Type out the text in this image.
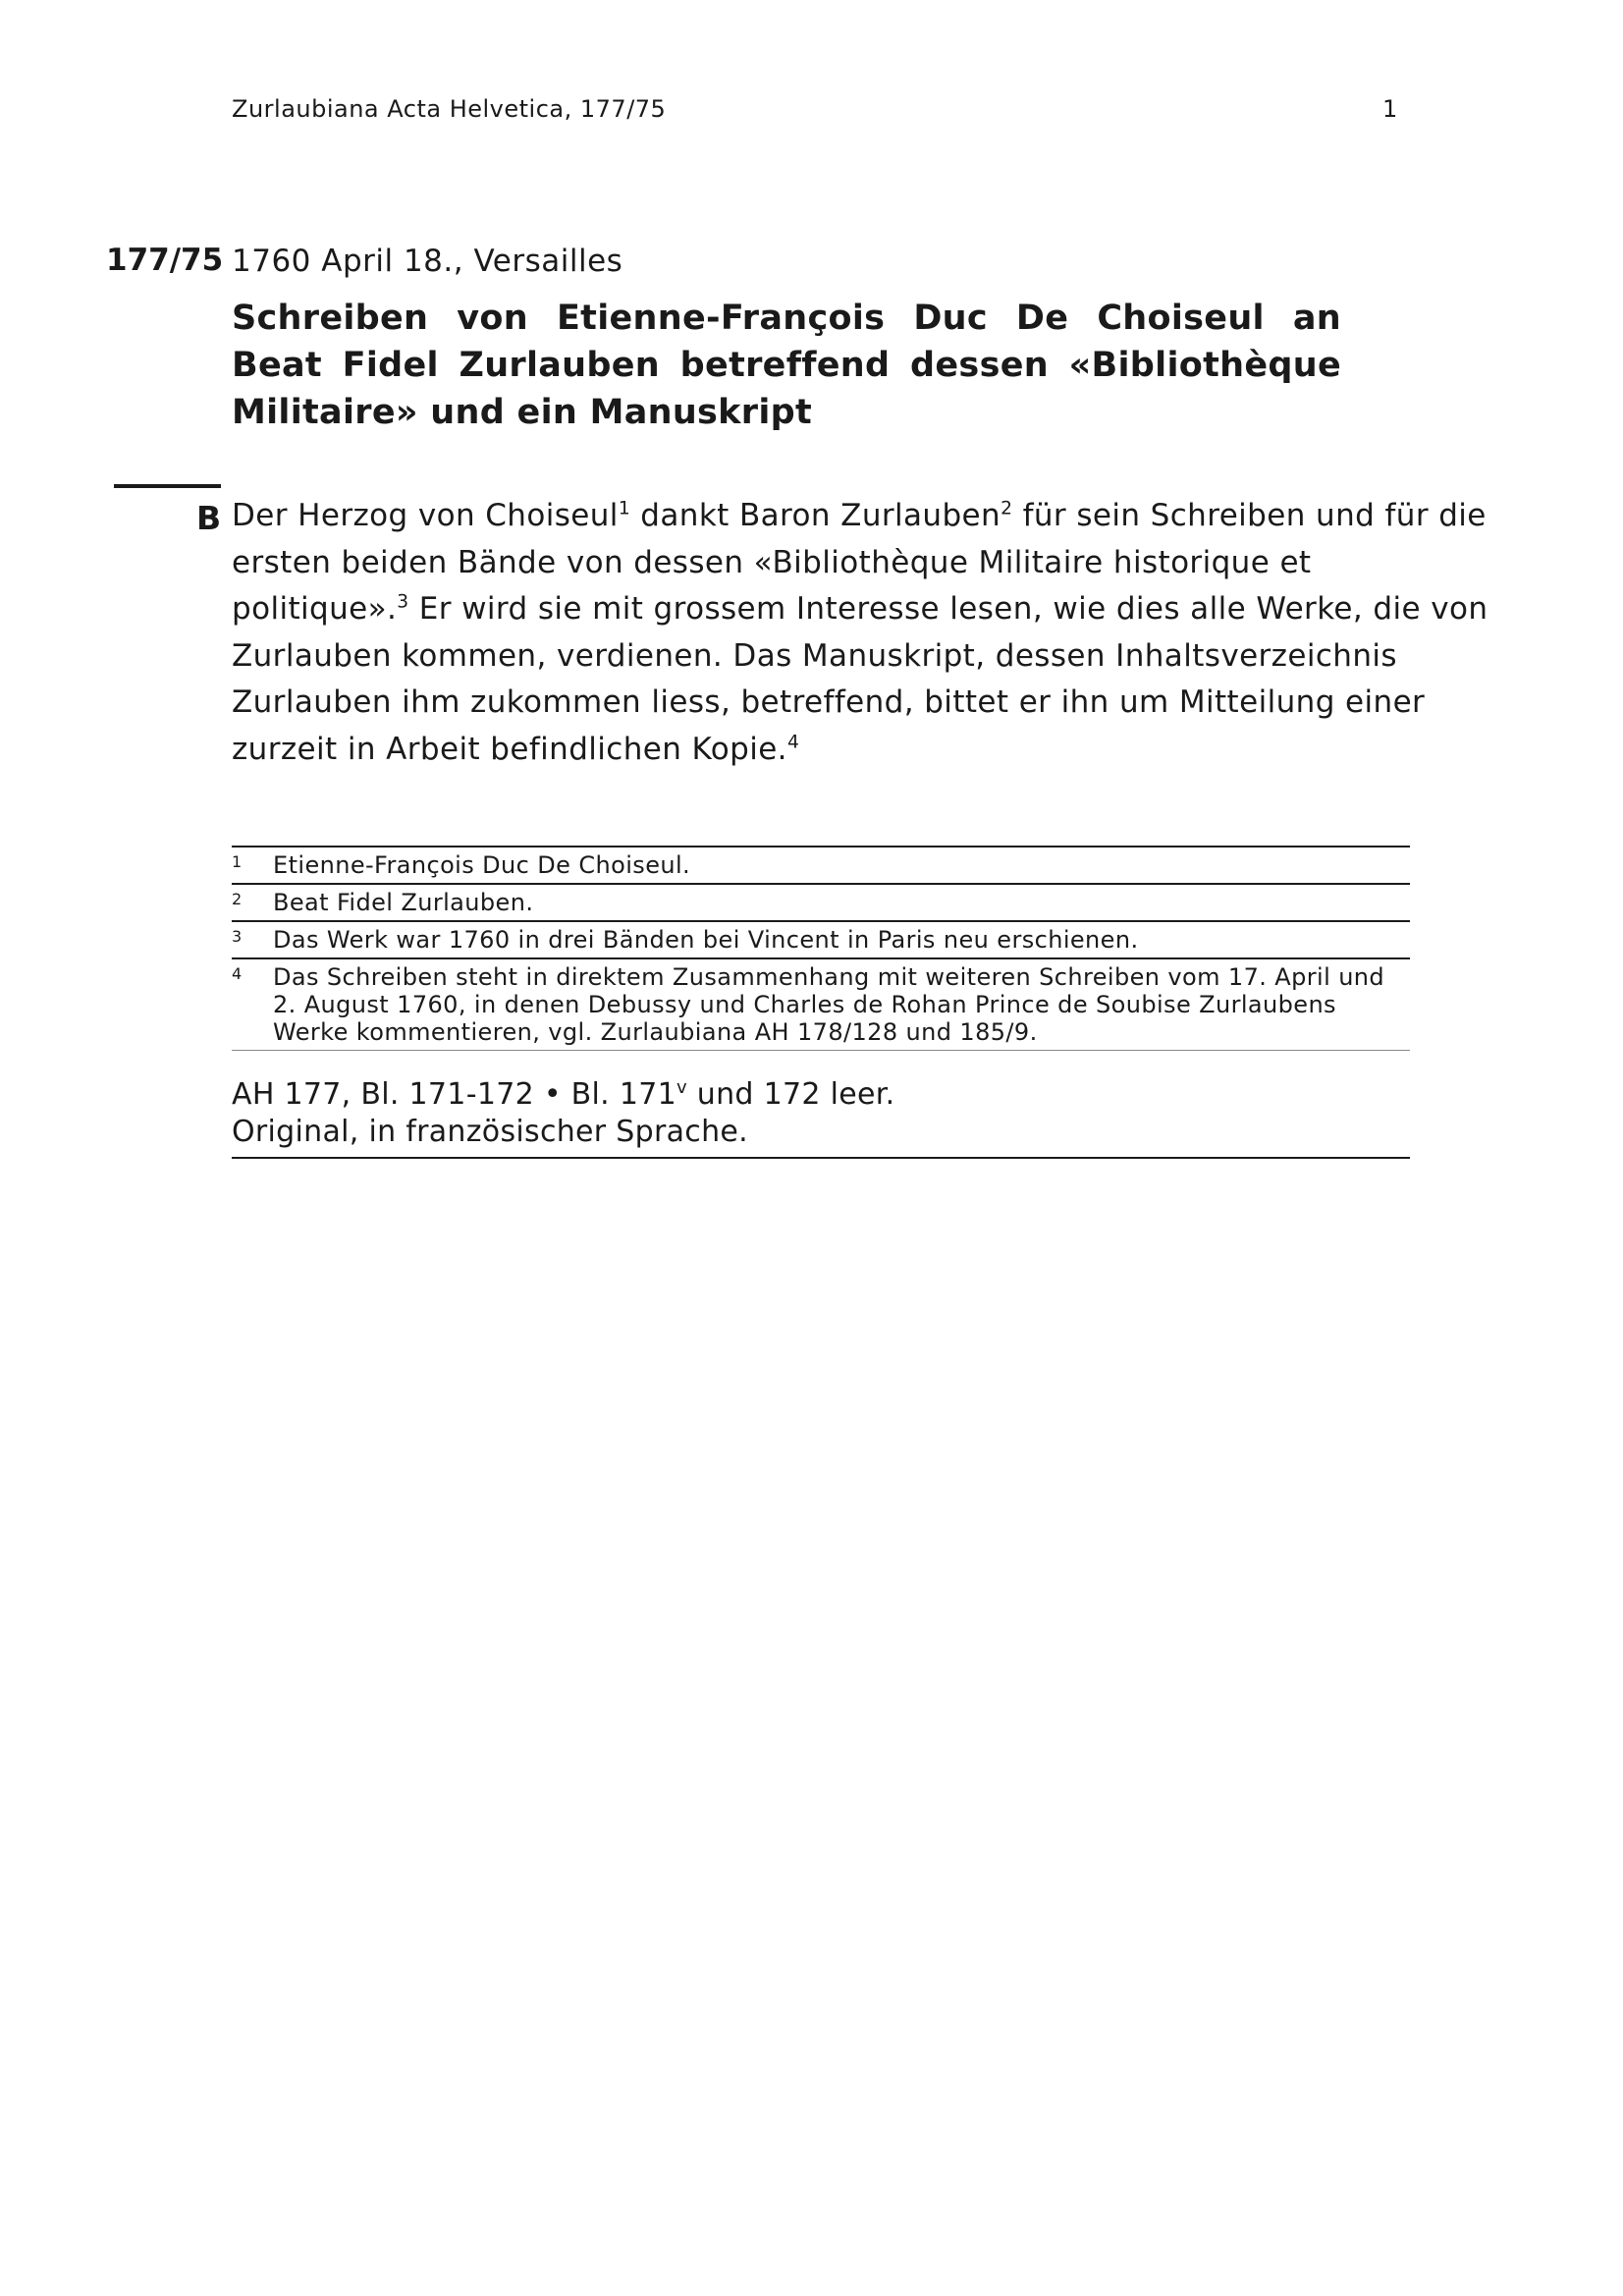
Zurlaubiana Acta Helvetica, 177/75	1
177/75 1760 April 18., Versailles
Schreiben von Etienne-François Duc De Choiseul an Beat Fidel Zurlauben betreffend dessen «Bibliothèque Militaire» und ein Manuskript
B Der Herzog von Choiseul$^1$ dankt Baron Zurlauben$^2$ für sein Schreiben und für die
ersten beiden Bände von dessen «Bibliothèque Militaire historique et
politique».$^3$ Er wird sie mit grossem Interesse lesen, wie dies alle Werke, die von
Zurlauben kommen, verdienen. Das Manuskript, dessen Inhaltsverzeichnis
Zurlauben ihm zukommen liess, betreffend, bittet er ihn um Mitteilung einer
zurzeit in Arbeit befindlichen Kopie.$^4$

1	Etienne-François Duc De Choiseul.
2	Beat Fidel Zurlauben.
3	Das Werk war 1760 in drei Bänden bei Vincent in Paris neu erschienen.
4	Das Schreiben steht in direktem Zusammenhang mit weiteren Schreiben vom 17. April und 2. August 1760, in denen Debussy und Charles de Rohan Prince de Soubise Zurlaubens Werke kommentieren, vgl. Zurlaubiana AH 178/128 und 185/9.
AH 177, Bl. 171-172 • Bl. 171$^v$ und 172 leer.
Original, in französischer Sprache.
